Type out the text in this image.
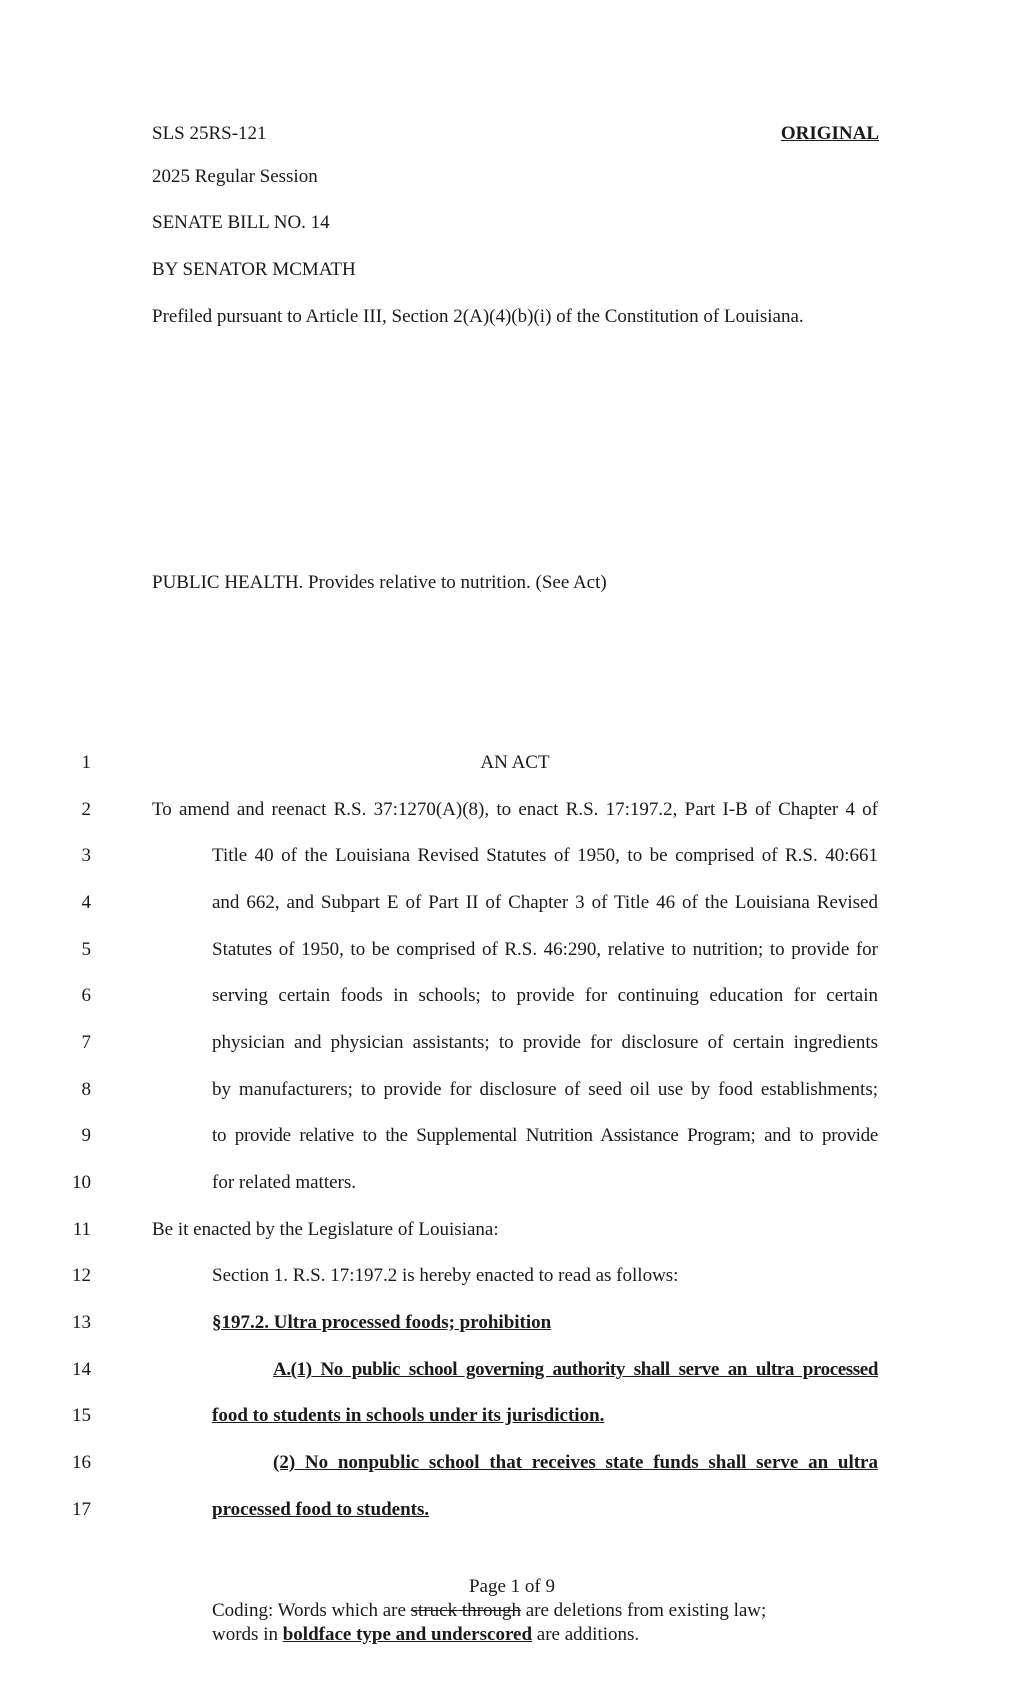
SLS 25RS-121	ORIGINAL
2025 Regular Session
SENATE BILL NO. 14
BY SENATOR MCMATH
Prefiled pursuant to Article III, Section 2(A)(4)(b)(i) of the Constitution of Louisiana.
PUBLIC HEALTH. Provides relative to nutrition. (See Act)
1	AN ACT
2	To amend and reenact R.S. 37:1270(A)(8), to enact R.S. 17:197.2, Part I-B of Chapter 4 of
3	Title 40 of the Louisiana Revised Statutes of 1950, to be comprised of R.S. 40:661
4	and 662, and Subpart E of Part II of Chapter 3 of Title 46 of the Louisiana Revised
5	Statutes of 1950, to be comprised of R.S. 46:290, relative to nutrition; to provide for
6	serving certain foods in schools; to provide for continuing education for certain
7	physician and physician assistants; to provide for disclosure of certain ingredients
8	by manufacturers; to provide for disclosure of seed oil use by food establishments;
9	to provide relative to the Supplemental Nutrition Assistance Program; and to provide
10	for related matters.
11	Be it enacted by the Legislature of Louisiana:
12	Section 1. R.S. 17:197.2 is hereby enacted to read as follows:
13	§197.2. Ultra processed foods; prohibition
14	A.(1) No public school governing authority shall serve an ultra processed
15	food to students in schools under its jurisdiction.
16	(2) No nonpublic school that receives state funds shall serve an ultra
17	processed food to students.
Page 1 of 9
Coding: Words which are struck through are deletions from existing law;
words in boldface type and underscored are additions.
